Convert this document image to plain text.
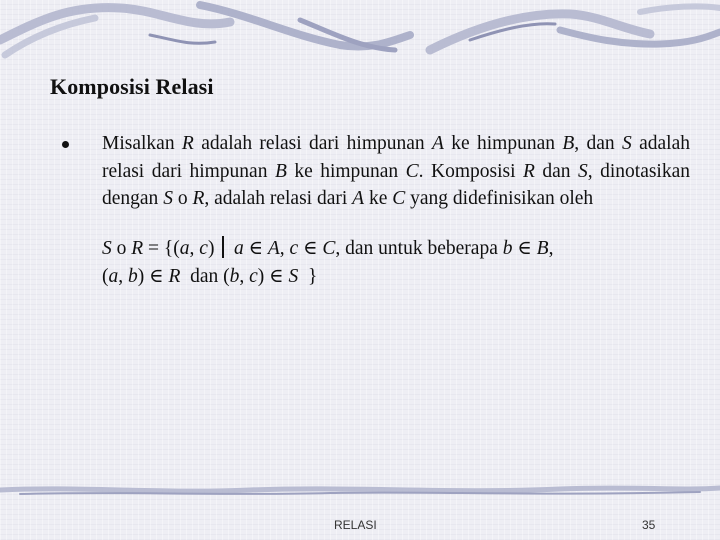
Komposisi Relasi
Misalkan R adalah relasi dari himpunan A ke himpunan B, dan S adalah relasi dari himpunan B ke himpunan C. Komposisi R dan S, dinotasikan dengan S o R, adalah relasi dari A ke C yang didefinisikan oleh
S o R = {(a, c) a ∈ A, c ∈ C, dan untuk beberapa b ∈ B,
(a, b) ∈ R  dan (b, c) ∈ S  }
RELASI	35
